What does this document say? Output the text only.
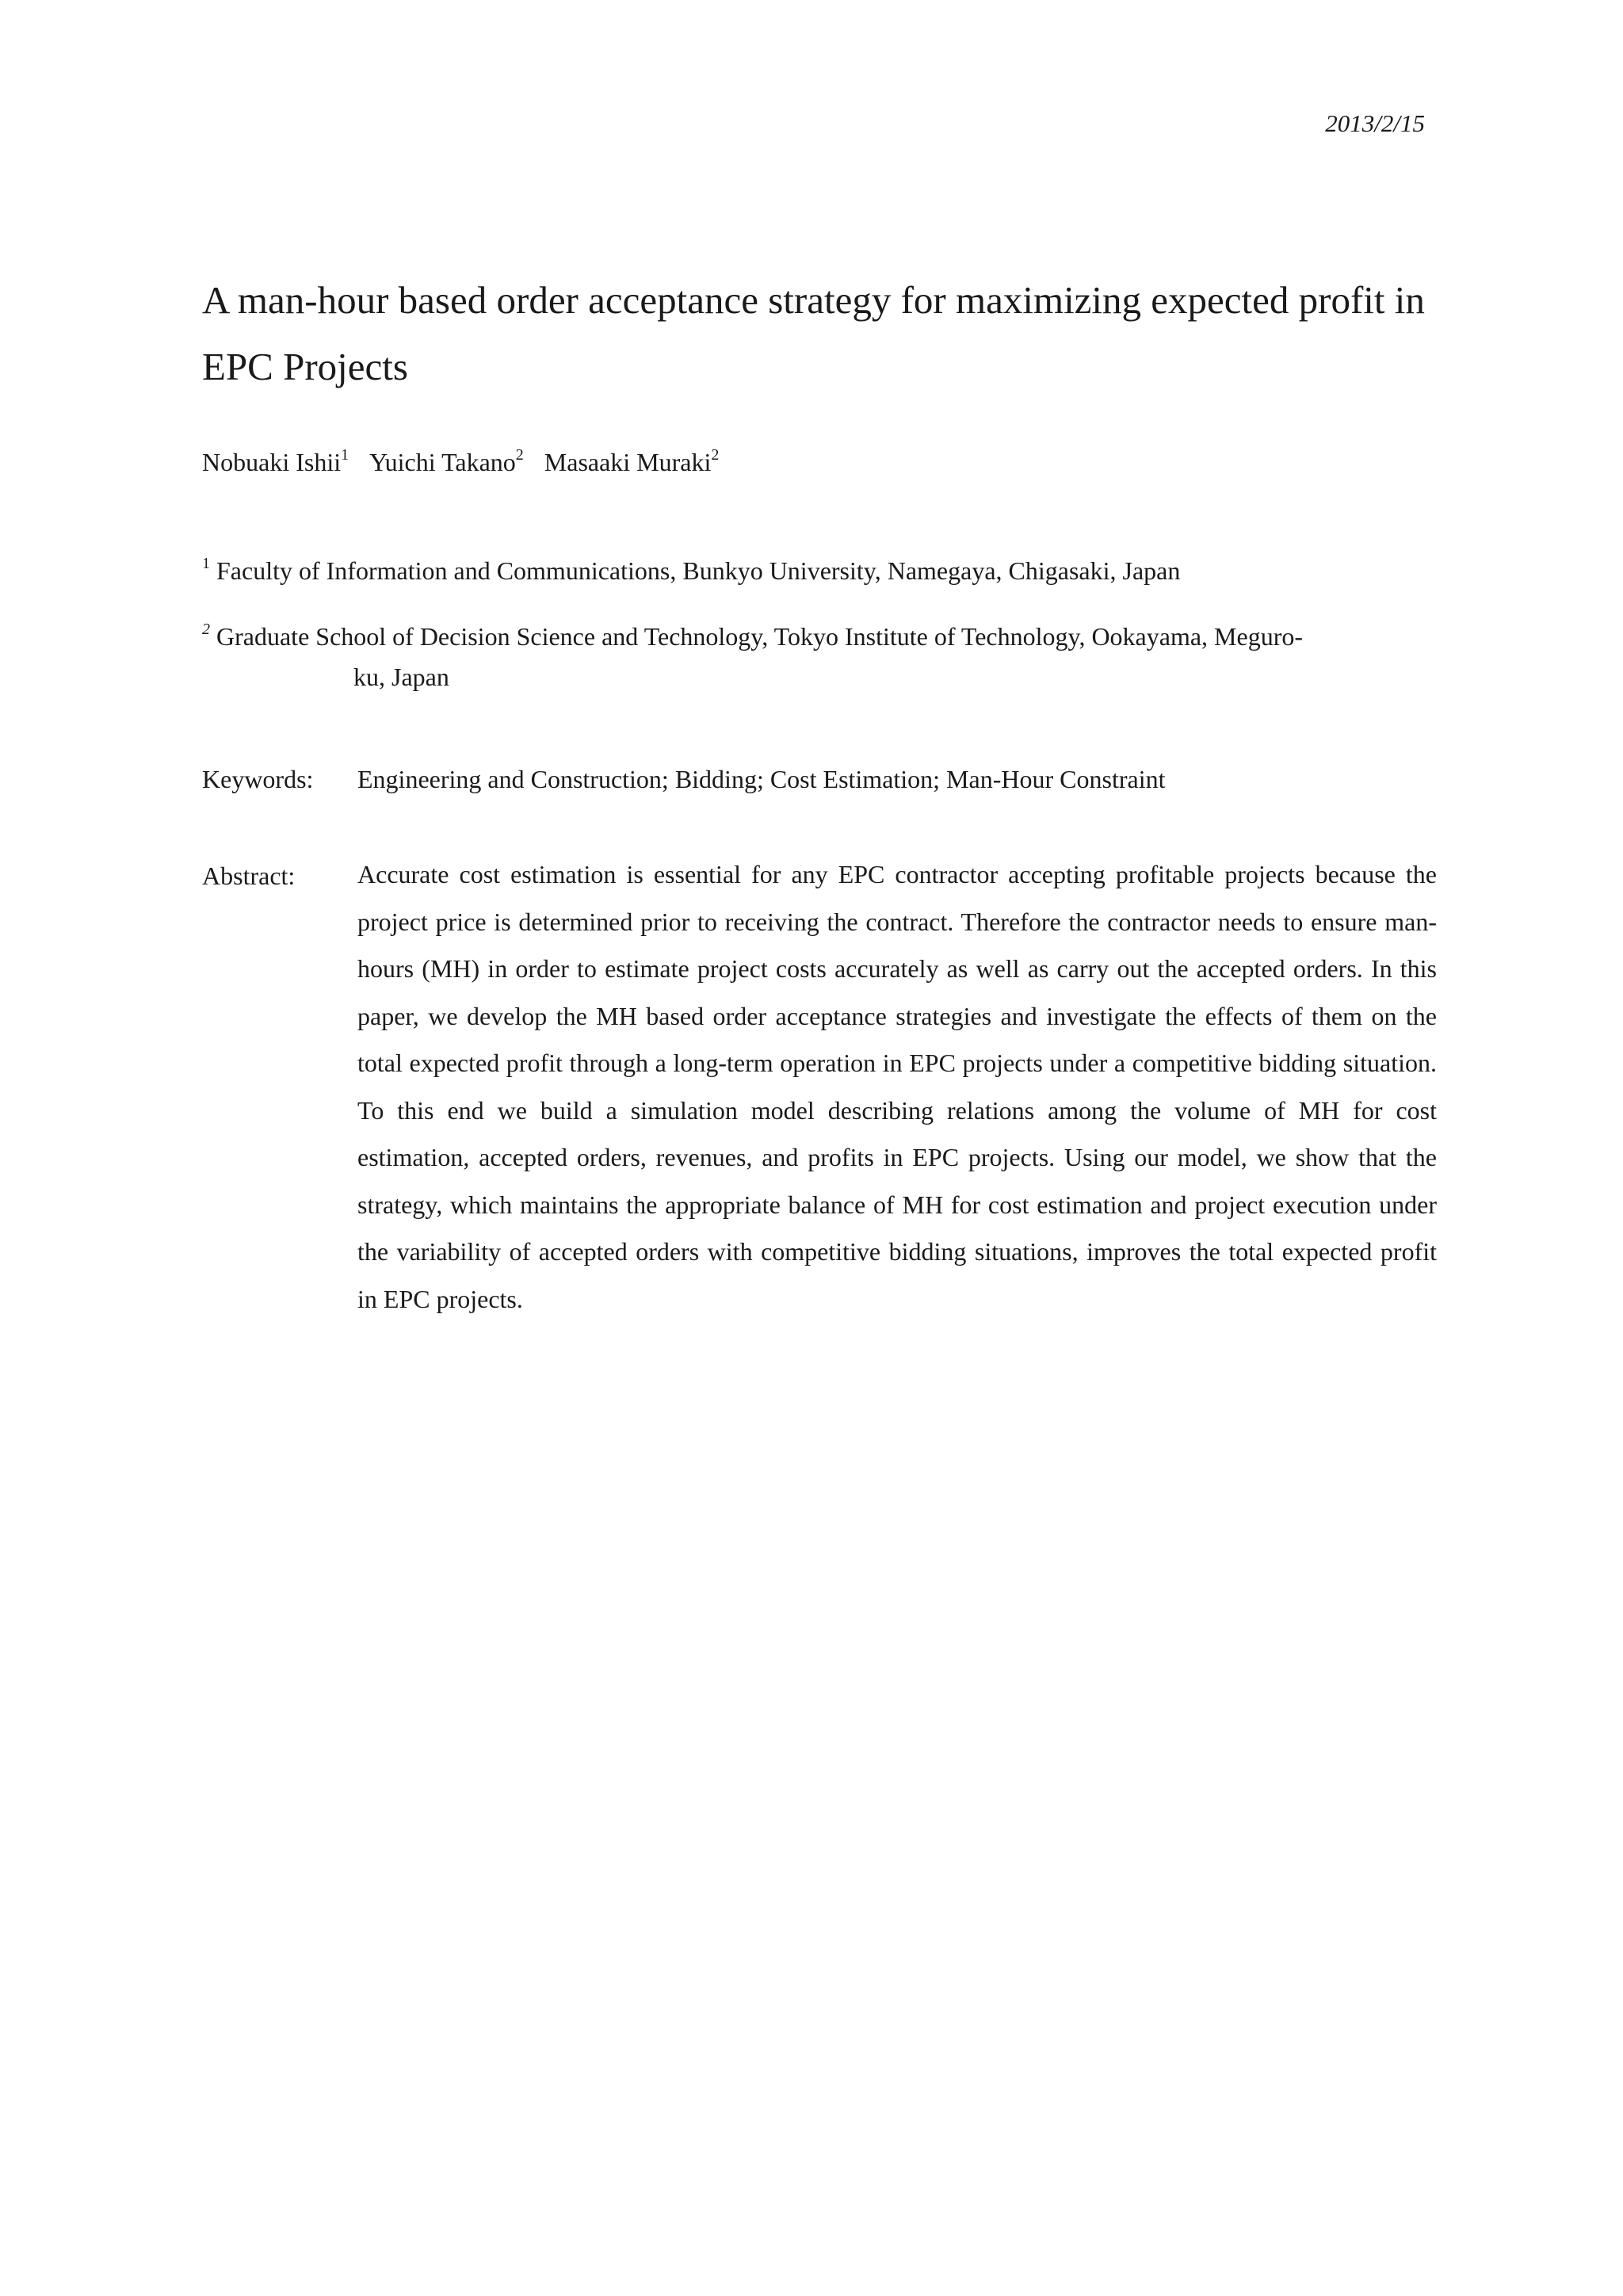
2013/2/15
A man-hour based order acceptance strategy for maximizing expected profit in EPC Projects
Nobuaki Ishii$^1$ Yuichi Takano$^2$ Masaaki Muraki$^2$
$^1$ Faculty of Information and Communications, Bunkyo University, Namegaya, Chigasaki, Japan
$^2$ Graduate School of Decision Science and Technology, Tokyo Institute of Technology, Ookayama, Meguro-
ku, Japan
Keywords:	Engineering and Construction; Bidding; Cost Estimation; Man-Hour Constraint
Abstract:	Accurate cost estimation is essential for any EPC contractor accepting profitable projects because the project price is determined prior to receiving the contract. Therefore the contractor needs to ensure man-hours (MH) in order to estimate project costs accurately as well as carry out the accepted orders. In this paper, we develop the MH based order acceptance strategies and investigate the effects of them on the total expected profit through a long-term operation in EPC projects under a competitive bidding situation. To this end we build a simulation model describing relations among the volume of MH for cost estimation, accepted orders, revenues, and profits in EPC projects. Using our model, we show that the strategy, which maintains the appropriate balance of MH for cost estimation and project execution under the variability of accepted orders with competitive bidding situations, improves the total expected profit in EPC projects.
